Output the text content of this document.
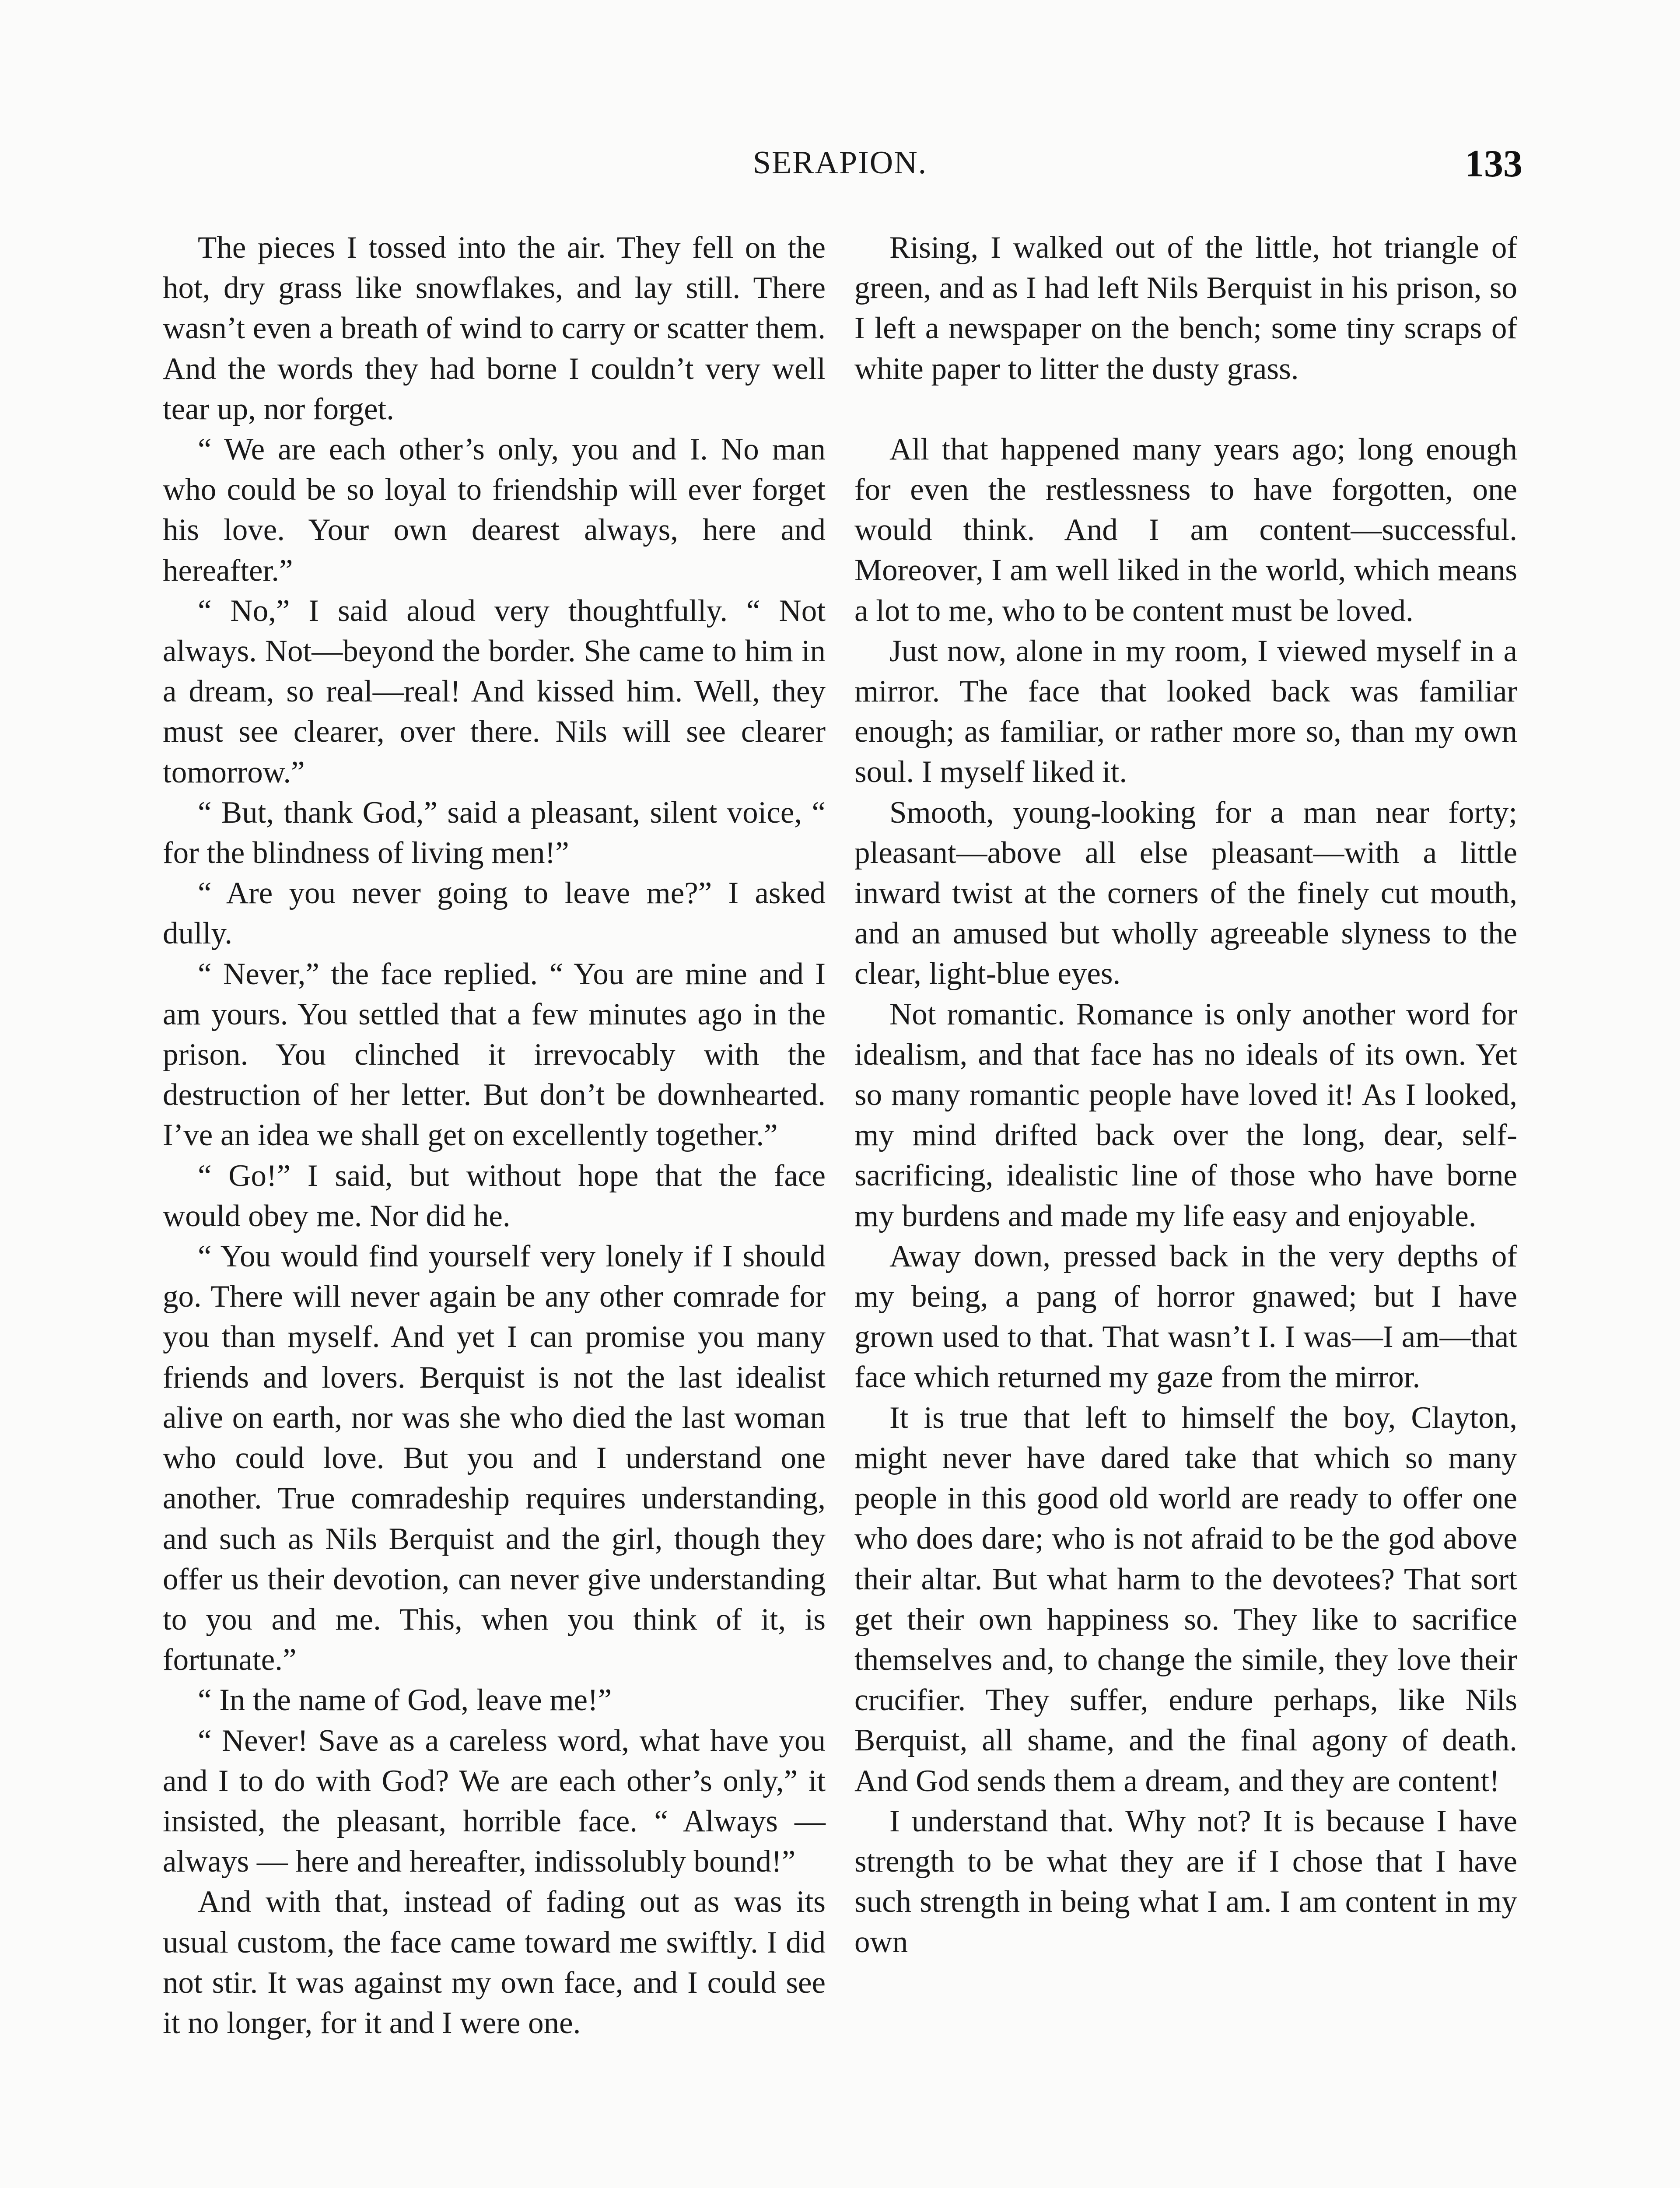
SERAPION.	133

The pieces I tossed into the air. They fell on the hot, dry grass like snowflakes, and lay still. There wasn’t even a breath of wind to carry or scatter them. And the words they had borne I couldn’t very well tear up, nor forget.

“ We are each other’s only, you and I. No man who could be so loyal to friendship will ever forget his love. Your own dearest always, here and hereafter.”

“ No,” I said aloud very thoughtfully. “ Not always. Not—beyond the border. She came to him in a dream, so real—real! And kissed him. Well, they must see clearer, over there. Nils will see clearer tomorrow.”

“ But, thank God,” said a pleasant, silent voice, “ for the blindness of living men!”

“ Are you never going to leave me?” I asked dully.

“ Never,” the face replied. “ You are mine and I am yours. You settled that a few minutes ago in the prison. You clinched it irrevocably with the destruction of her letter. But don’t be downhearted. I’ve an idea we shall get on excellently together.”

“ Go!” I said, but without hope that the face would obey me. Nor did he.

“ You would find yourself very lonely if I should go. There will never again be any other comrade for you than myself. And yet I can promise you many friends and lovers. Berquist is not the last idealist alive on earth, nor was she who died the last woman who could love. But you and I understand one another. True comradeship requires understanding, and such as Nils Berquist and the girl, though they offer us their devotion, can never give understanding to you and me. This, when you think of it, is fortunate.”

“ In the name of God, leave me!”

“ Never! Save as a careless word, what have you and I to do with God? We are each other’s only,” it insisted, the pleasant, horrible face. “ Always — always — here and hereafter, indissolubly bound!”

And with that, instead of fading out as was its usual custom, the face came toward me swiftly. I did not stir. It was against my own face, and I could see it no longer, for it and I were one.

Rising, I walked out of the little, hot triangle of green, and as I had left Nils Berquist in his prison, so I left a newspaper on the bench; some tiny scraps of white paper to litter the dusty grass.

All that happened many years ago; long enough for even the restlessness to have forgotten, one would think. And I am content—successful. Moreover, I am well liked in the world, which means a lot to me, who to be content must be loved.

Just now, alone in my room, I viewed myself in a mirror. The face that looked back was familiar enough; as familiar, or rather more so, than my own soul. I myself liked it.

Smooth, young-looking for a man near forty; pleasant—above all else pleasant—with a little inward twist at the corners of the finely cut mouth, and an amused but wholly agreeable slyness to the clear, light-blue eyes.

Not romantic. Romance is only another word for idealism, and that face has no ideals of its own. Yet so many romantic people have loved it! As I looked, my mind drifted back over the long, dear, self-sacrificing, idealistic line of those who have borne my burdens and made my life easy and enjoyable.

Away down, pressed back in the very depths of my being, a pang of horror gnawed; but I have grown used to that. That wasn’t I. I was—I am—that face which returned my gaze from the mirror.

It is true that left to himself the boy, Clayton, might never have dared take that which so many people in this good old world are ready to offer one who does dare; who is not afraid to be the god above their altar. But what harm to the devotees? That sort get their own happiness so. They like to sacrifice themselves and, to change the simile, they love their crucifier. They suffer, endure perhaps, like Nils Berquist, all shame, and the final agony of death. And God sends them a dream, and they are content!

I understand that. Why not? It is because I have strength to be what they are if I chose that I have such strength in being what I am. I am content in my own
